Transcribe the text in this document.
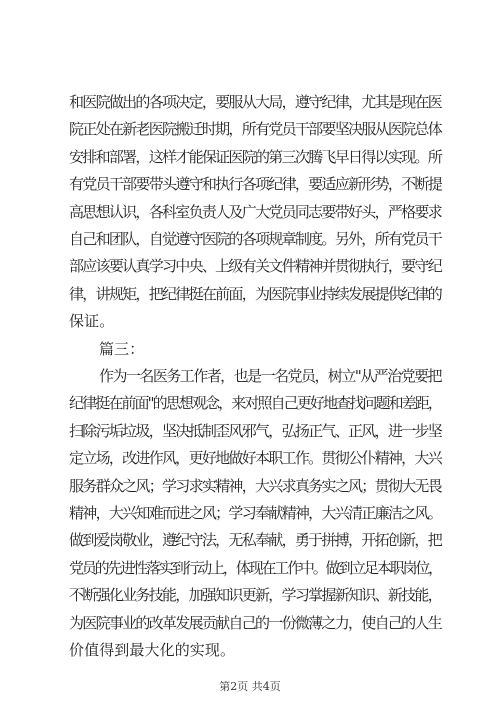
和医院做出的各项决定，要服从大局，遵守纪律，尤其是现在医
院正处在新老医院搬迁时期，所有党员干部要坚决服从医院总体
安排和部署，这样才能保证医院的第三次腾飞早日得以实现。所
有党员干部要带头遵守和执行各项纪律，要适应新形势，不断提
高思想认识，各科室负责人及广大党员同志要带好头，严格要求
自己和团队，自觉遵守医院的各项规章制度。另外，所有党员干
部应该要认真学习中央、上级有关文件精神并贯彻执行，要守纪
律，讲规矩，把纪律挺在前面，为医院事业持续发展提供纪律的
保证。
篇三：
作为一名医务工作者，也是一名党员，树立"从严治党要把
纪律挺在前面"的思想观念，来对照自己更好地查找问题和差距，
扫除污垢垃圾，坚决抵制歪风邪气，弘扬正气、正风，进一步坚
定立场，改进作风，更好地做好本职工作。贯彻公仆精神，大兴
服务群众之风；学习求实精神，大兴求真务实之风；贯彻大无畏
精神，大兴知难而进之风；学习奉献精神，大兴清正廉洁之风。
做到爱岗敬业，遵纪守法，无私奉献，勇于拼搏，开拓创新，把
党员的先进性落实到行动上，体现在工作中。做到立足本职岗位，
不断强化业务技能，加强知识更新，学习掌握新知识、新技能，
为医院事业的改革发展贡献自己的一份微薄之力，使自己的人生
价值得到最大化的实现。
第2页 共4页
